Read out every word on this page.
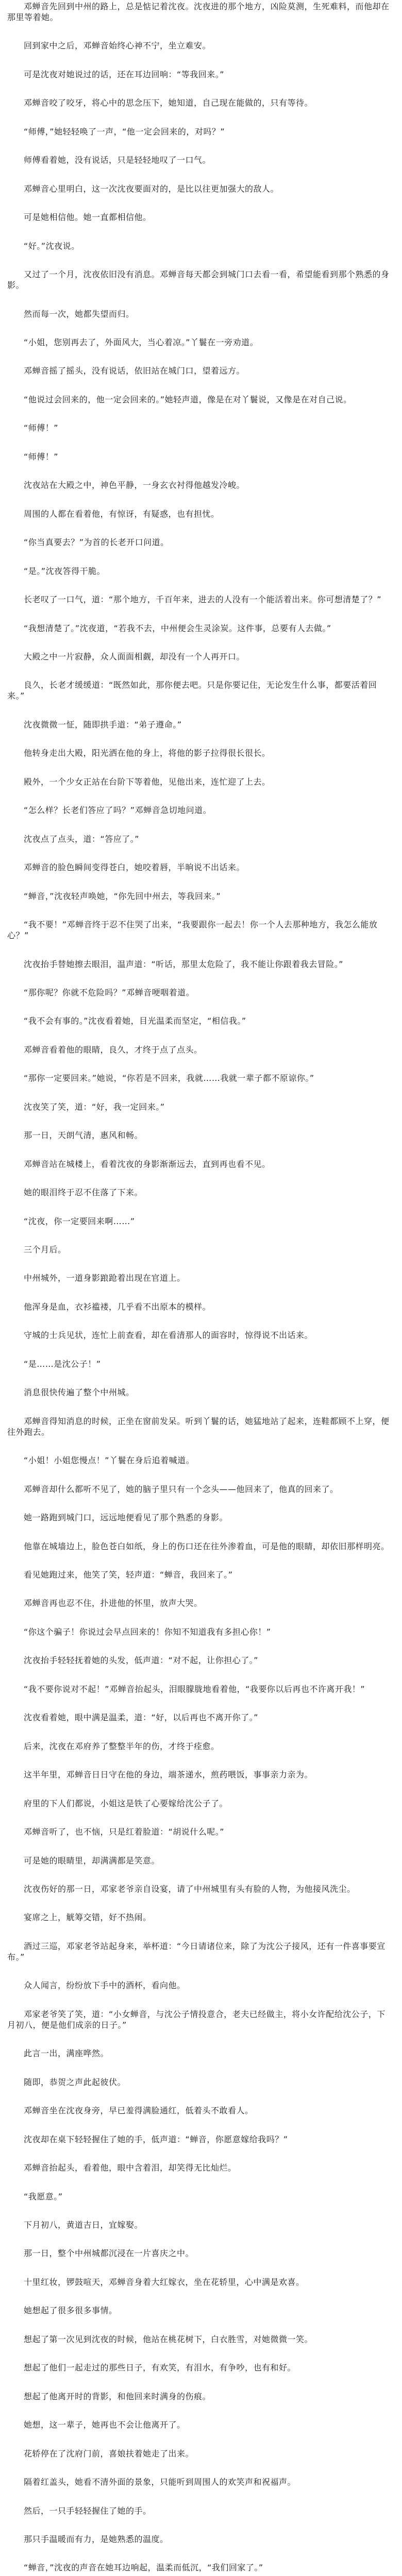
邓蝉音先回到中州的路上，总是惦记着沈夜。沈夜进的那个地方，凶险莫测，生死难料，而他却在那里等着她。

回到家中之后，邓蝉音始终心神不宁，坐立难安。

可是沈夜对她说过的话，还在耳边回响：“等我回来。”

邓蝉音咬了咬牙，将心中的思念压下，她知道，自己现在能做的，只有等待。

“师傅，”她轻轻唤了一声，“他一定会回来的，对吗？”

师傅看着她，没有说话，只是轻轻地叹了一口气。

邓蝉音心里明白，这一次沈夜要面对的，是比以往更加强大的敌人。

可是她相信他。她一直都相信他。

“好。”沈夜说。

又过了一个月，沈夜依旧没有消息。邓蝉音每天都会到城门口去看一看，希望能看到那个熟悉的身影。

然而每一次，她都失望而归。

“小姐，您别再去了，外面风大，当心着凉。”丫鬟在一旁劝道。

邓蝉音摇了摇头，没有说话，依旧站在城门口，望着远方。

“他说过会回来的，他一定会回来的。”她轻声道，像是在对丫鬟说，又像是在对自己说。

“师傅！”

“师傅！”

沈夜站在大殿之中，神色平静，一身玄衣衬得他越发冷峻。

周围的人都在看着他，有惊讶，有疑惑，也有担忧。

“你当真要去？”为首的长老开口问道。

“是。”沈夜答得干脆。

长老叹了一口气，道：“那个地方，千百年来，进去的人没有一个能活着出来。你可想清楚了？”

“我想清楚了。”沈夜道，“若我不去，中州便会生灵涂炭。这件事，总要有人去做。”

大殿之中一片寂静，众人面面相觑，却没有一个人再开口。

良久，长老才缓缓道：“既然如此，那你便去吧。只是你要记住，无论发生什么事，都要活着回来。”

沈夜微微一怔，随即拱手道：“弟子遵命。”

他转身走出大殿，阳光洒在他的身上，将他的影子拉得很长很长。

殿外，一个少女正站在台阶下等着他，见他出来，连忙迎了上去。

“怎么样？长老们答应了吗？”邓蝉音急切地问道。

沈夜点了点头，道：“答应了。”

邓蝉音的脸色瞬间变得苍白，她咬着唇，半晌说不出话来。

“蝉音，”沈夜轻声唤她，“你先回中州去，等我回来。”

“我不要！”邓蝉音终于忍不住哭了出来，“我要跟你一起去！你一个人去那种地方，我怎么能放心？”

沈夜抬手替她擦去眼泪，温声道：“听话，那里太危险了，我不能让你跟着我去冒险。”

“那你呢？你就不危险吗？”邓蝉音哽咽着道。

“我不会有事的。”沈夜看着她，目光温柔而坚定，“相信我。”

邓蝉音看着他的眼睛，良久，才终于点了点头。

“那你一定要回来。”她说，“你若是不回来，我就……我就一辈子都不原谅你。”

沈夜笑了笑，道：“好，我一定回来。”

那一日，天朗气清，惠风和畅。

邓蝉音站在城楼上，看着沈夜的身影渐渐远去，直到再也看不见。

她的眼泪终于忍不住落了下来。

“沈夜，你一定要回来啊……”

三个月后。

中州城外，一道身影踉跄着出现在官道上。

他浑身是血，衣衫褴褛，几乎看不出原本的模样。

守城的士兵见状，连忙上前查看，却在看清那人的面容时，惊得说不出话来。

“是……是沈公子！”

消息很快传遍了整个中州城。

邓蝉音得知消息的时候，正坐在窗前发呆。听到丫鬟的话，她猛地站了起来，连鞋都顾不上穿，便往外跑去。

“小姐！小姐您慢点！”丫鬟在身后追着喊道。

邓蝉音却什么都听不见了，她的脑子里只有一个念头——他回来了，他真的回来了。

她一路跑到城门口，远远地便看见了那个熟悉的身影。

他靠在城墙边上，脸色苍白如纸，身上的伤口还在往外渗着血，可是他的眼睛，却依旧那样明亮。

看见她跑过来，他笑了笑，轻声道：“蝉音，我回来了。”

邓蝉音再也忍不住，扑进他的怀里，放声大哭。

“你这个骗子！你说过会早点回来的！你知不知道我有多担心你！”

沈夜抬手轻轻抚着她的头发，低声道：“对不起，让你担心了。”

“我不要你说对不起！”邓蝉音抬起头，泪眼朦胧地看着他，“我要你以后再也不许离开我！”

沈夜看着她，眼中满是温柔，道：“好，以后再也不离开你了。”

后来，沈夜在邓府养了整整半年的伤，才终于痊愈。

这半年里，邓蝉音日日守在他的身边，端茶递水，煎药喂饭，事事亲力亲为。

府里的下人们都说，小姐这是铁了心要嫁给沈公子了。

邓蝉音听了，也不恼，只是红着脸道：“胡说什么呢。”

可是她的眼睛里，却满满都是笑意。

沈夜伤好的那一日，邓家老爷亲自设宴，请了中州城里有头有脸的人物，为他接风洗尘。

宴席之上，觥筹交错，好不热闹。

酒过三巡，邓家老爷站起身来，举杯道：“今日请诸位来，除了为沈公子接风，还有一件喜事要宣布。”

众人闻言，纷纷放下手中的酒杯，看向他。

邓家老爷笑了笑，道：“小女蝉音，与沈公子情投意合，老夫已经做主，将小女许配给沈公子，下月初八，便是他们成亲的日子。”

此言一出，满座哗然。

随即，恭贺之声此起彼伏。

邓蝉音坐在沈夜身旁，早已羞得满脸通红，低着头不敢看人。

沈夜却在桌下轻轻握住了她的手，低声道：“蝉音，你愿意嫁给我吗？”

邓蝉音抬起头，看着他，眼中含着泪，却笑得无比灿烂。

“我愿意。”

下月初八，黄道吉日，宜嫁娶。

那一日，整个中州城都沉浸在一片喜庆之中。

十里红妆，锣鼓喧天，邓蝉音身着大红嫁衣，坐在花轿里，心中满是欢喜。

她想起了很多很多事情。

想起了第一次见到沈夜的时候，他站在桃花树下，白衣胜雪，对她微微一笑。

想起了他们一起走过的那些日子，有欢笑，有泪水，有争吵，也有和好。

想起了他离开时的背影，和他回来时满身的伤痕。

她想，这一辈子，她再也不会让他离开了。

花轿停在了沈府门前，喜娘扶着她走了出来。

隔着红盖头，她看不清外面的景象，只能听到周围人的欢笑声和祝福声。

然后，一只手轻轻握住了她的手。

那只手温暖而有力，是她熟悉的温度。

“蝉音，”沈夜的声音在她耳边响起，温柔而低沉，“我们回家了。”
